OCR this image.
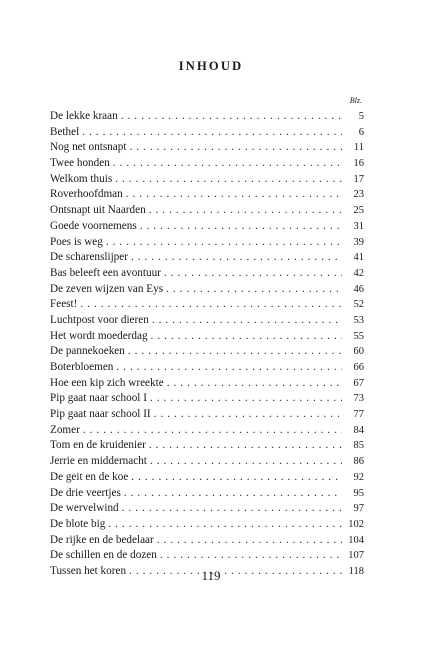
INHOUD
Blz.
De lekke kraan . . .	5
Bethel . . .	6
Nog net ontsnapt . . .	11
Twee honden . . .	16
Welkom thuis . . .	17
Roverhoofdman . . .	23
Ontsnapt uit Naarden . . .	25
Goede voornemens . . .	31
Poes is weg . . .	39
De scharenslijper . . .	41
Bas beleeft een avontuur . . .	42
De zeven wijzen van Eys . . .	46
Feest! . . .	52
Luchtpost voor dieren . . .	53
Het wordt moederdag . . .	55
De pannekoeken . . .	60
Boterbloemen . . .	66
Hoe een kip zich wreekte . . .	67
Pip gaat naar school I . . .	73
Pip gaat naar school II . . .	77
Zomer . . .	84
Tom en de kruidenier . . .	85
Jerrie en middernacht . . .	86
De geit en de koe . . .	92
De drie veertjes . . .	95
De wervelwind . . .	97
De blote big . . .	102
De rijke en de bedelaar . . .	104
De schillen en de dozen . . .	107
Tussen het koren . . .	118
119
